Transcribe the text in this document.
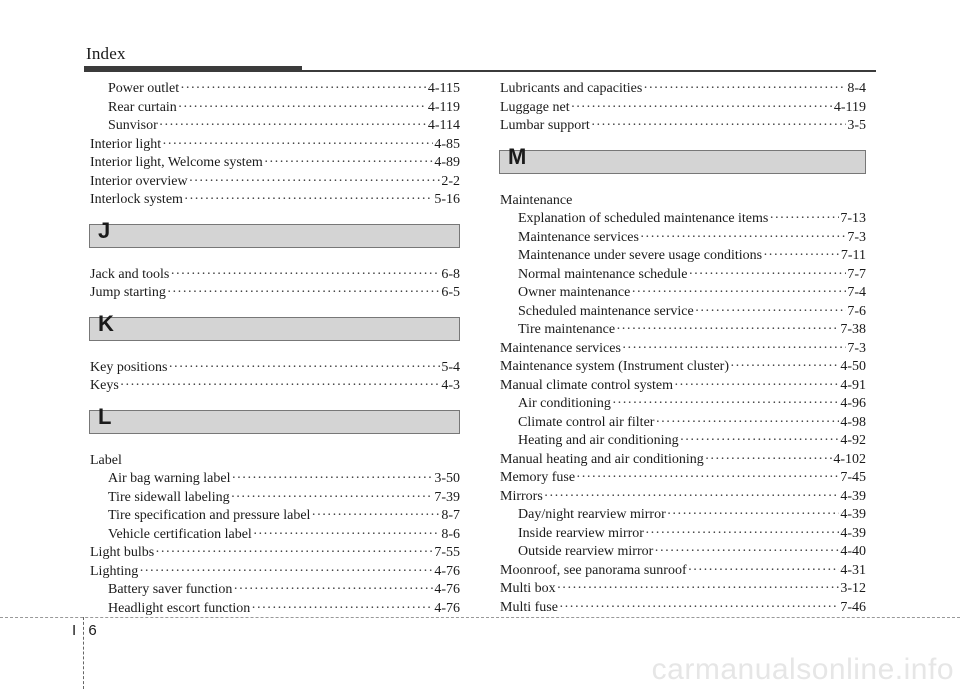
Index
Power outlet ·····	4-115
Rear curtain ·····	4-119
Sunvisor ·····	4-114
Interior light ·····	4-85
Interior light, Welcome system ·····	4-89
Interior overview ·····	2-2
Interlock system ·····	5-16
J
Jack and tools ·····	6-8
Jump starting ·····	6-5
K
Key positions ·····	5-4
Keys ·····	4-3
L
Label
Air bag warning label ·····	3-50
Tire sidewall labeling ·····	7-39
Tire specification and pressure label ·····	8-7
Vehicle certification label ·····	8-6
Light bulbs ·····	7-55
Lighting ·····	4-76
Battery saver function ·····	4-76
Headlight escort function ·····	4-76
Lubricants and capacities ·····	8-4
Luggage net ·····	4-119
Lumbar support ·····	3-5
M
Maintenance
Explanation of scheduled maintenance items ·····	7-13
Maintenance services ·····	7-3
Maintenance under severe usage conditions ·····	7-11
Normal maintenance schedule ·····	7-7
Owner maintenance ·····	7-4
Scheduled maintenance service ·····	7-6
Tire maintenance ·····	7-38
Maintenance services ·····	7-3
Maintenance system (Instrument cluster) ·····	4-50
Manual climate control system ·····	4-91
Air conditioning ·····	4-96
Climate control air filter ·····	4-98
Heating and air conditioning ·····	4-92
Manual heating and air conditioning ·····	4-102
Memory fuse ·····	7-45
Mirrors ·····	4-39
Day/night rearview mirror ·····	4-39
Inside rearview mirror ·····	4-39
Outside rearview mirror ·····	4-40
Moonroof, see panorama sunroof ·····	4-31
Multi box ·····	3-12
Multi fuse ·····	7-46
I 6
carmanualsonline.info
